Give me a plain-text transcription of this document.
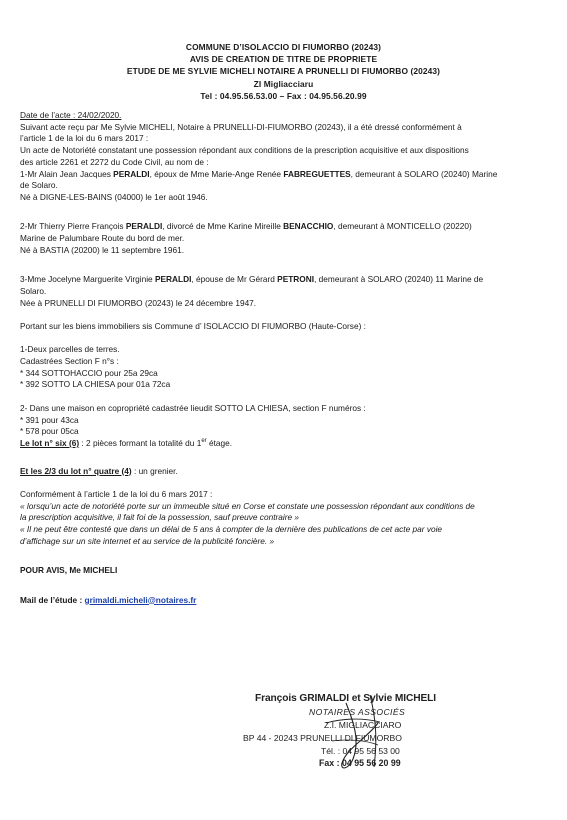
COMMUNE D’ISOLACCIO DI FIUMORBO (20243)
AVIS DE CREATION DE TITRE DE PROPRIETE
ETUDE DE ME SYLVIE MICHELI NOTAIRE A PRUNELLI DI FIUMORBO (20243)
ZI Migliacciaru
Tel : 04.95.56.53.00 – Fax : 04.95.56.20.99

Date de l’acte : 24/02/2020.

Suivant acte reçu par Me Sylvie MICHELI, Notaire à PRUNELLI-DI-FIUMORBO (20243), il a été dressé conformément à

l’article 1 de la loi du 6 mars 2017 :

Un acte de Notoriété constatant une possession répondant aux conditions de la prescription acquisitive et aux dispositions

des article 2261 et 2272 du Code Civil, au nom de :

1-Mr Alain Jean Jacques PERALDI, époux de Mme Marie-Ange Renée FABREGUETTES, demeurant à SOLARO (20240) Marine

de Solaro.

Né à DIGNE-LES-BAINS (04000) le 1er août 1946.

2-Mr Thierry Pierre François PERALDI, divorcé de Mme Karine Mireille BENACCHIO, demeurant à MONTICELLO (20220)

Marine de Palumbare Route du bord de mer.

Né à BASTIA (20200) le 11 septembre 1961.

3-Mme Jocelyne Marguerite Virginie PERALDI, épouse de Mr Gérard PETRONI, demeurant à SOLARO (20240) 11 Marine de

Solaro.

Née à PRUNELLI DI FIUMORBO (20243) le 24 décembre 1947.

Portant sur les biens immobiliers sis Commune d’ ISOLACCIO DI FIUMORBO (Haute-Corse) :

1-Deux parcelles de terres.

Cadastrées Section F n°s :

* 344 SOTTOHACCIO pour 25a 29ca

* 392 SOTTO LA CHIESA pour 01a 72ca

2- Dans une maison en copropriété cadastrée lieudit SOTTO LA CHIESA, section F numéros :

* 391 pour 43ca

* 578 pour 05ca

Le lot n° six (6) : 2 pièces formant la totalité du 1er étage.

Et les 2/3 du lot n° quatre (4) : un grenier.

Conformément à l’article 1 de la loi du 6 mars 2017 :

« lorsqu’un acte de notoriété porte sur un immeuble situé en Corse et constate une possession répondant aux conditions de

la prescription acquisitive, il fait foi de la possession, sauf preuve contraire »

« Il ne peut être contesté que dans un délai de 5 ans à compter de la dernière des publications de cet acte par voie

d’affichage sur un site internet et au service de la publicité foncière. »

POUR AVIS, Me MICHELI

Mail de l’étude : grimaldi.micheli@notaires.fr

François GRIMALDI et Sylvie MICHELI
NOTAIRES ASSOCIÉS
Z.I. MIGLIACCIARO
BP 44 - 20243 PRUNELLI DI FIUMORBO
Tél. : 04 95 56 53 00
Fax : 04 95 56 20 99
